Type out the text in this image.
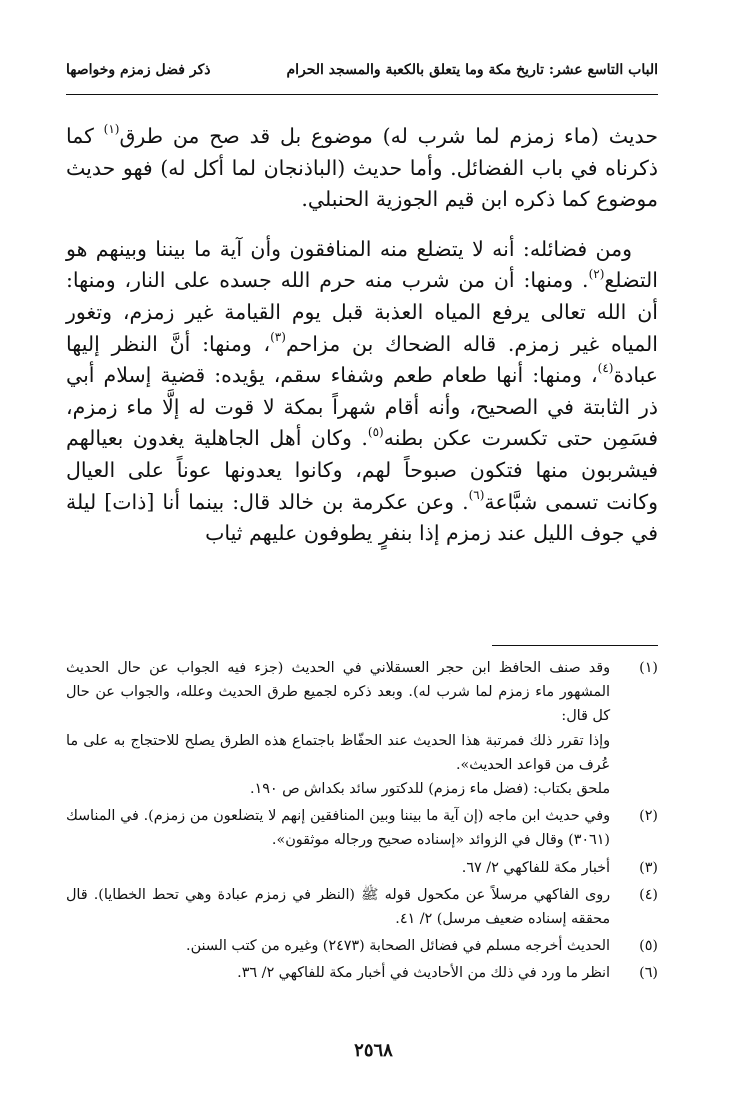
الباب التاسع عشر: تاريخ مكة وما يتعلق بالكعبة والمسجد الحرام
ذكر فضل زمزم وخواصها

حديث (ماء زمزم لما شرب له) موضوع بل قد صح من طرق$^{(١)}$ كما ذكرناه في باب الفضائل. وأما حديث (الباذنجان لما أكل له) فهو حديث موضوع كما ذكره ابن قيم الجوزية الحنبلي.

ومن فضائله: أنه لا يتضلع منه المنافقون وأن آية ما بيننا وبينهم هو التضلع$^{(٢)}$. ومنها: أن من شرب منه حرم الله جسده على النار، ومنها: أن الله تعالى يرفع المياه العذبة قبل يوم القيامة غير زمزم، وتغور المياه غير زمزم. قاله الضحاك بن مزاحم$^{(٣)}$، ومنها: أنَّ النظر إليها عبادة$^{(٤)}$، ومنها: أنها طعام طعم وشفاء سقم، يؤيده: قضية إسلام أبي ذر الثابتة في الصحيح، وأنه أقام شهراً بمكة لا قوت له إلَّا ماء زمزم، فسَمِن حتى تكسرت عكن بطنه$^{(٥)}$. وكان أهل الجاهلية يغدون بعيالهم فيشربون منها فتكون صبوحاً لهم، وكانوا يعدونها عوناً على العيال وكانت تسمى شبَّاعة$^{(٦)}$. وعن عكرمة بن خالد قال: بينما أنا [ذات] ليلة في جوف الليل عند زمزم إذا بنفرٍ يطوفون عليهم ثياب

(١)
وقد صنف الحافظ ابن حجر العسقلاني في الحديث (جزء فيه الجواب عن حال الحديث المشهور ماء زمزم لما شرب له). وبعد ذكره لجميع طرق الحديث وعلله، والجواب عن حال كل قال:
وإذا تقرر ذلك فمرتبة هذا الحديث عند الحفّاظ باجتماع هذه الطرق يصلح للاحتجاج به على ما عُرف من قواعد الحديث».
ملحق بكتاب: (فضل ماء زمزم) للدكتور سائد بكداش ص ١٩٠.
(٢)
وفي حديث ابن ماجه (إن آية ما بيننا وبين المنافقين إنهم لا يتضلعون من زمزم). في المناسك (٣٠٦١) وقال في الزوائد «إسناده صحيح ورجاله موثقون».
(٣)
أخبار مكة للفاكهي ٢/ ٦٧.
(٤)
روى الفاكهي مرسلاً عن مكحول قوله ﷺ (النظر في زمزم عبادة وهي تحط الخطايا). قال محققه إسناده ضعيف مرسل) ٢/ ٤١.
(٥)
الحديث أخرجه مسلم في فضائل الصحابة (٢٤٧٣) وغيره من كتب السنن.
(٦)
انظر ما ورد في ذلك من الأحاديث في أخبار مكة للفاكهي ٢/ ٣٦.
٢٥٦٨
